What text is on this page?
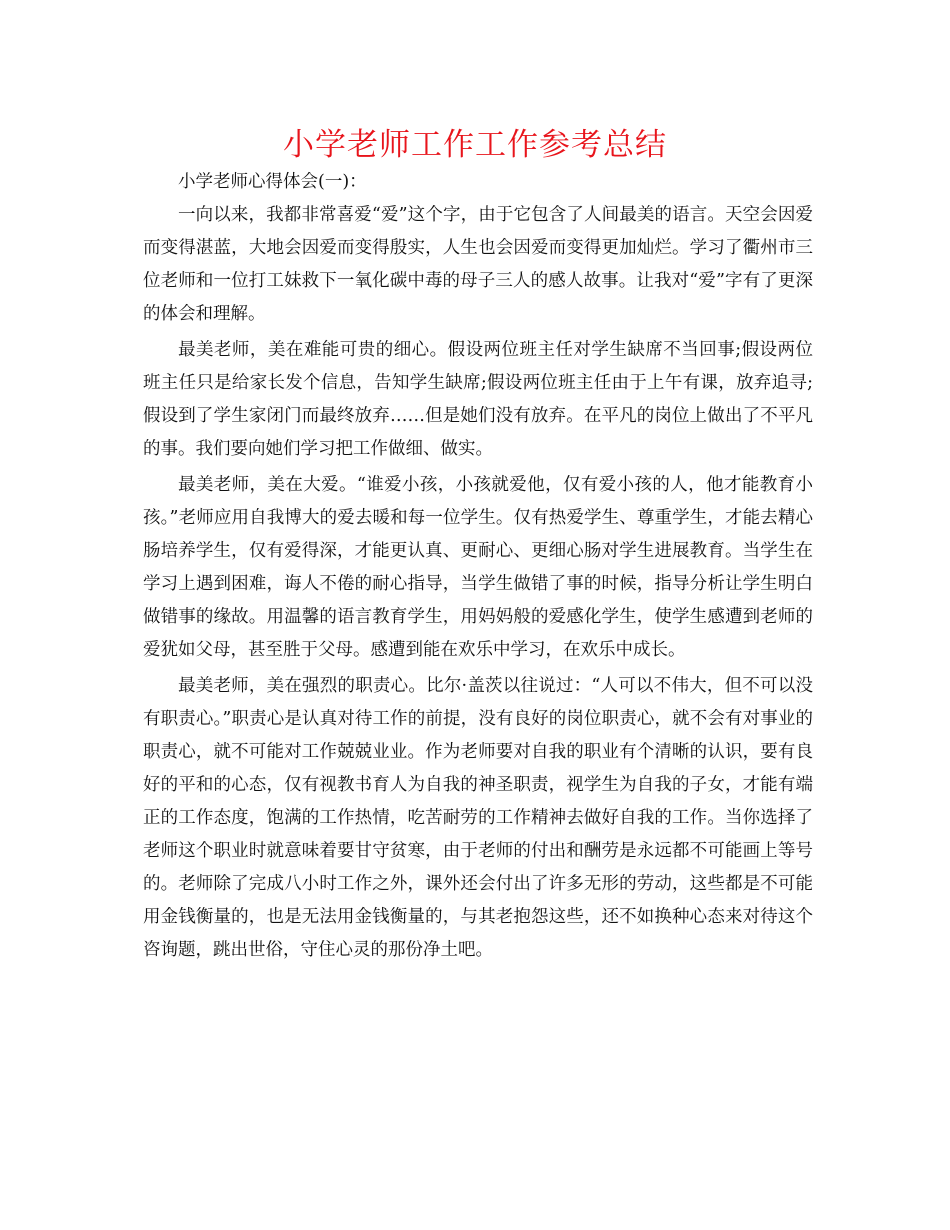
小学老师工作工作参考总结

小学老师心得体会(一)：

一向以来，我都非常喜爱“爱”这个字，由于它包含了人间最美的语言。天空会因爱而变得湛蓝，大地会因爱而变得殷实，人生也会因爱而变得更加灿烂。学习了衢州市三位老师和一位打工妹救下一氧化碳中毒的母子三人的感人故事。让我对“爱”字有了更深的体会和理解。

最美老师，美在难能可贵的细心。假设两位班主任对学生缺席不当回事;假设两位班主任只是给家长发个信息，告知学生缺席;假设两位班主任由于上午有课，放弃追寻;假设到了学生家闭门而最终放弃……但是她们没有放弃。在平凡的岗位上做出了不平凡的事。我们要向她们学习把工作做细、做实。

最美老师，美在大爱。“谁爱小孩，小孩就爱他，仅有爱小孩的人，他才能教育小孩。”老师应用自我博大的爱去暖和每一位学生。仅有热爱学生、尊重学生，才能去精心肠培养学生，仅有爱得深，才能更认真、更耐心、更细心肠对学生进展教育。当学生在学习上遇到困难，诲人不倦的耐心指导，当学生做错了事的时候，指导分析让学生明白做错事的缘故。用温馨的语言教育学生，用妈妈般的爱感化学生，使学生感遭到老师的爱犹如父母，甚至胜于父母。感遭到能在欢乐中学习，在欢乐中成长。

最美老师，美在强烈的职责心。比尔·盖茨以往说过：“人可以不伟大，但不可以没有职责心。”职责心是认真对待工作的前提，没有良好的岗位职责心，就不会有对事业的职责心，就不可能对工作兢兢业业。作为老师要对自我的职业有个清晰的认识，要有良好的平和的心态，仅有视教书育人为自我的神圣职责，视学生为自我的子女，才能有端正的工作态度，饱满的工作热情，吃苦耐劳的工作精神去做好自我的工作。当你选择了老师这个职业时就意味着要甘守贫寒，由于老师的付出和酬劳是永远都不可能画上等号的。老师除了完成八小时工作之外，课外还会付出了许多无形的劳动，这些都是不可能用金钱衡量的，也是无法用金钱衡量的，与其老抱怨这些，还不如换种心态来对待这个咨询题，跳出世俗，守住心灵的那份净土吧。
